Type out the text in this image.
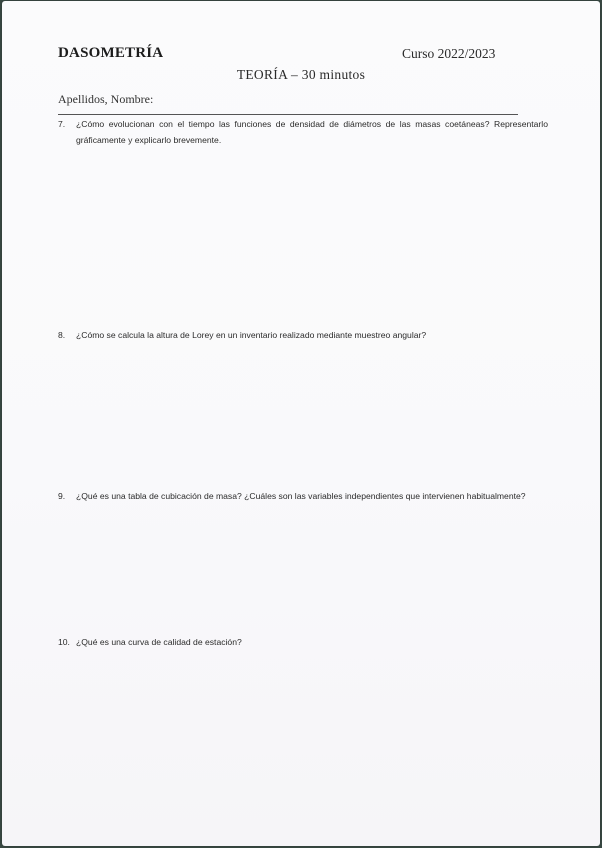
DASOMETRÍA	Curso 2022/2023
TEORÍA – 30 minutos
Apellidos, Nombre:
7.	¿Cómo evolucionan con el tiempo las funciones de densidad de diámetros de las masas coetáneas? Representarlo gráficamente y explicarlo brevemente.
8.	¿Cómo se calcula la altura de Lorey en un inventario realizado mediante muestreo angular?
9.	¿Qué es una tabla de cubicación de masa? ¿Cuáles son las variables independientes que intervienen habitualmente?
10. ¿Qué es una curva de calidad de estación?
